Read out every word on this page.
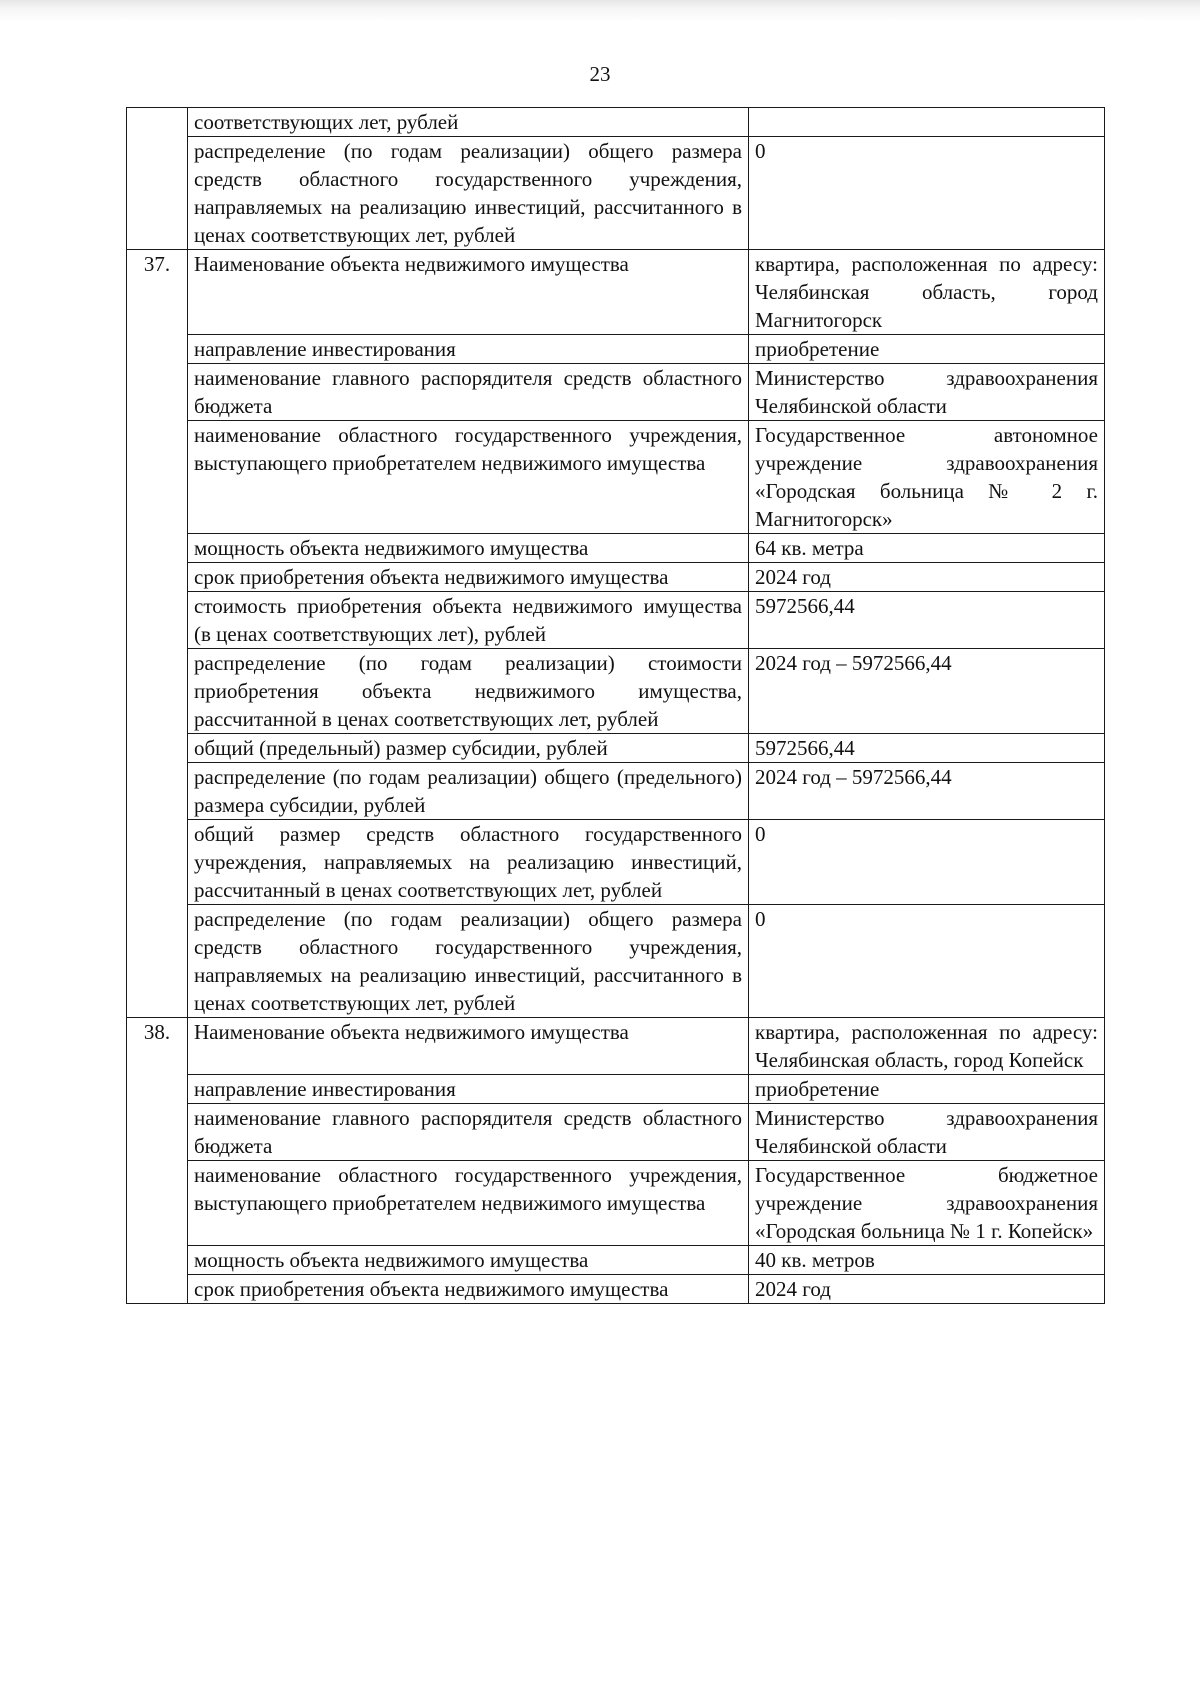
23
	соответствующих лет, рублей	
	распределение (по годам реализации) общего размера средств областного государственного учреждения, направляемых на реализацию инвестиций, рассчитанного в ценах соответствующих лет, рублей	0
37.	Наименование объекта недвижимого имущества	квартира, расположенная по адресу: Челябинская область, город Магнитогорск
	направление инвестирования	приобретение
	наименование главного распорядителя средств областного бюджета	Министерство здравоохранения Челябинской области
	наименование областного государственного учреждения, выступающего приобретателем недвижимого имущества	Государственное автономное учреждение здравоохранения «Городская больница № 2 г. Магнитогорск»
	мощность объекта недвижимого имущества	64 кв. метра
	срок приобретения объекта недвижимого имущества	2024 год
	стоимость приобретения объекта недвижимого имущества (в ценах соответствующих лет), рублей	5972566,44
	распределение (по годам реализации) стоимости приобретения объекта недвижимого имущества, рассчитанной в ценах соответствующих лет, рублей	2024 год – 5972566,44
	общий (предельный) размер субсидии, рублей	5972566,44
	распределение (по годам реализации) общего (предельного) размера субсидии, рублей	2024 год – 5972566,44
	общий размер средств областного государственного учреждения, направляемых на реализацию инвестиций, рассчитанный в ценах соответствующих лет, рублей	0
	распределение (по годам реализации) общего размера средств областного государственного учреждения, направляемых на реализацию инвестиций, рассчитанного в ценах соответствующих лет, рублей	0
38.	Наименование объекта недвижимого имущества	квартира, расположенная по адресу: Челябинская область, город Копейск
	направление инвестирования	приобретение
	наименование главного распорядителя средств областного бюджета	Министерство здравоохранения Челябинской области
	наименование областного государственного учреждения, выступающего приобретателем недвижимого имущества	Государственное бюджетное учреждение здравоохранения «Городская больница № 1 г. Копейск»
	мощность объекта недвижимого имущества	40 кв. метров
	срок приобретения объекта недвижимого имущества	2024 год
